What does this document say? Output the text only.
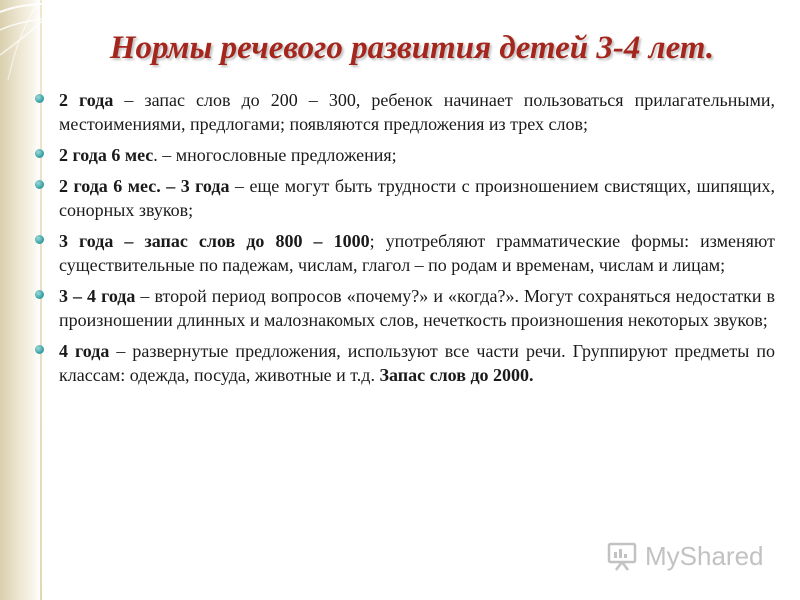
Нормы речевого развития детей 3-4 лет.
2 года – запас слов до 200 – 300, ребенок начинает пользоваться прилагательными, местоимениями, предлогами; появляются предложения из трех слов;
2 года 6 мес. – многословные предложения;
2 года 6 мес. – 3 года – еще могут быть трудности с произношением свистящих, шипящих, сонорных звуков;
3 года – запас слов до 800 – 1000; употребляют грамматические формы: изменяют существительные по падежам, числам, глагол – по родам и временам, числам и лицам;
3 – 4 года – второй период вопросов «почему?» и «когда?». Могут сохраняться недостатки в произношении длинных и малознакомых слов, нечеткость произношения некоторых звуков;
4 года – развернутые предложения, используют все части речи. Группируют предметы по классам: одежда, посуда, животные и т.д. Запас слов до 2000.
MyShared
